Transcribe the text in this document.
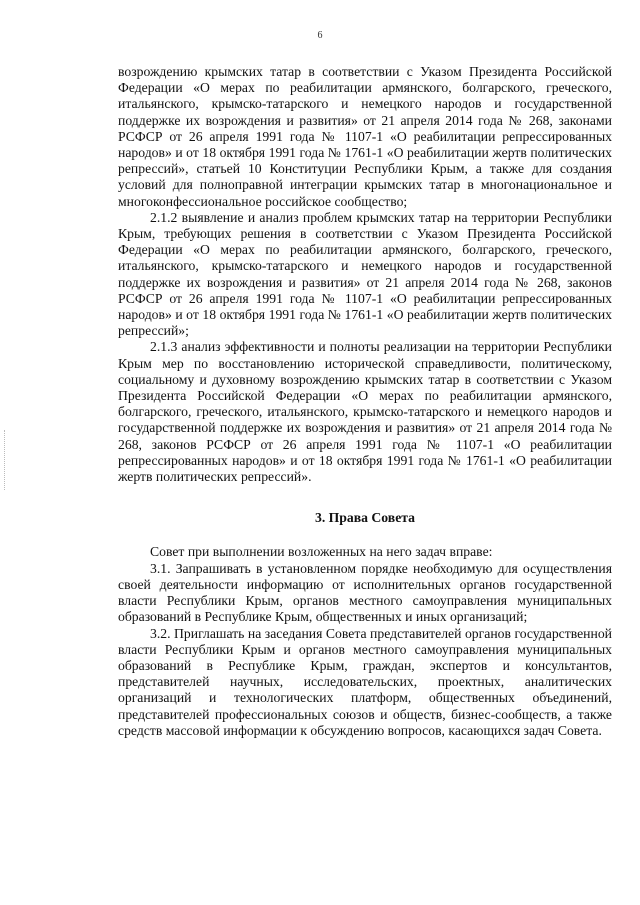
6

возрождению крымских татар в соответствии с Указом Президента Российской Федерации «О мерах по реабилитации армянского, болгарского, греческого, итальянского, крымско-татарского и немецкого народов и государственной поддержке их возрождения и развития» от 21 апреля 2014 года № 268, законами РСФСР от 26 апреля 1991 года № 1107-1 «О реабилитации репрессированных народов» и от 18 октября 1991 года № 1761-1 «О реабилитации жертв политических репрессий», статьей 10 Конституции Республики Крым, а также для создания условий для полноправной интеграции крымских татар в многонациональное и многоконфессиональное российское сообщество;

2.1.2 выявление и анализ проблем крымских татар на территории Республики Крым, требующих решения в соответствии с Указом Президента Российской Федерации «О мерах по реабилитации армянского, болгарского, греческого, итальянского, крымско-татарского и немецкого народов и государственной поддержке их возрождения и развития» от 21 апреля 2014 года № 268, законов РСФСР от 26 апреля 1991 года № 1107-1 «О реабилитации репрессированных народов» и от 18 октября 1991 года № 1761-1 «О реабилитации жертв политических репрессий»;

2.1.3 анализ эффективности и полноты реализации на территории Республики Крым мер по восстановлению исторической справедливости, политическому, социальному и духовному возрождению крымских татар в соответствии с Указом Президента Российской Федерации «О мерах по реабилитации армянского, болгарского, греческого, итальянского, крымско-татарского и немецкого народов и государственной поддержке их возрождения и развития» от 21 апреля 2014 года № 268, законов РСФСР от 26 апреля 1991 года № 1107-1 «О реабилитации репрессированных народов» и от 18 октября 1991 года № 1761-1 «О реабилитации жертв политических репрессий».

3. Права Совета

Совет при выполнении возложенных на него задач вправе:

3.1. Запрашивать в установленном порядке необходимую для осуществления своей деятельности информацию от исполнительных органов государственной власти Республики Крым, органов местного самоуправления муниципальных образований в Республике Крым, общественных и иных организаций;

3.2. Приглашать на заседания Совета представителей органов государственной власти Республики Крым и органов местного самоуправления муниципальных образований в Республике Крым, граждан, экспертов и консультантов, представителей научных, исследовательских, проектных, аналитических организаций и технологических платформ, общественных объединений, представителей профессиональных союзов и обществ, бизнес-сообществ, а также средств массовой информации к обсуждению вопросов, касающихся задач Совета.
